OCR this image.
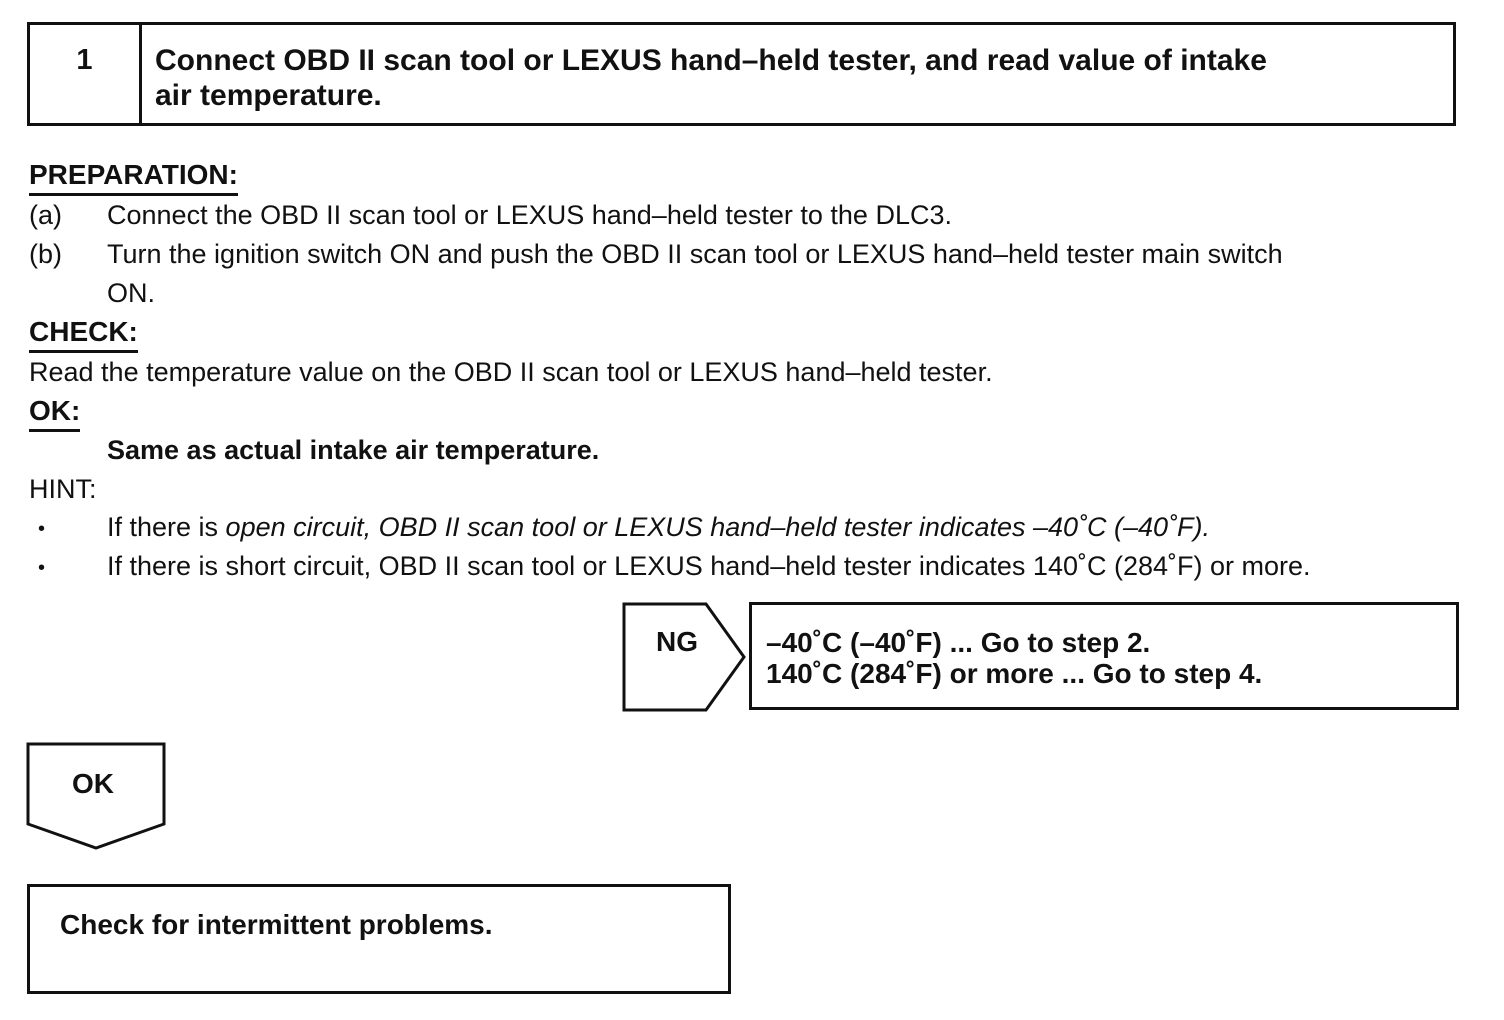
1	Connect OBD II scan tool or LEXUS hand–held tester, and read value of intake
air temperature.
PREPARATION:
(a) Connect the OBD II scan tool or LEXUS hand–held tester to the DLC3.
(b) Turn the ignition switch ON and push the OBD II scan tool or LEXUS hand–held tester main switch
ON.
CHECK:
Read the temperature value on the OBD II scan tool or LEXUS hand–held tester.
OK:
Same as actual intake air temperature.
HINT:
• If there is open circuit, OBD II scan tool or LEXUS hand–held tester indicates –40˚C (–40˚F).
• If there is short circuit, OBD II scan tool or LEXUS hand–held tester indicates 140˚C (284˚F) or more.
NG –40˚C (–40˚F) ... Go to step 2.
140˚C (284˚F) or more ... Go to step 4.
OK
Check for intermittent problems.
